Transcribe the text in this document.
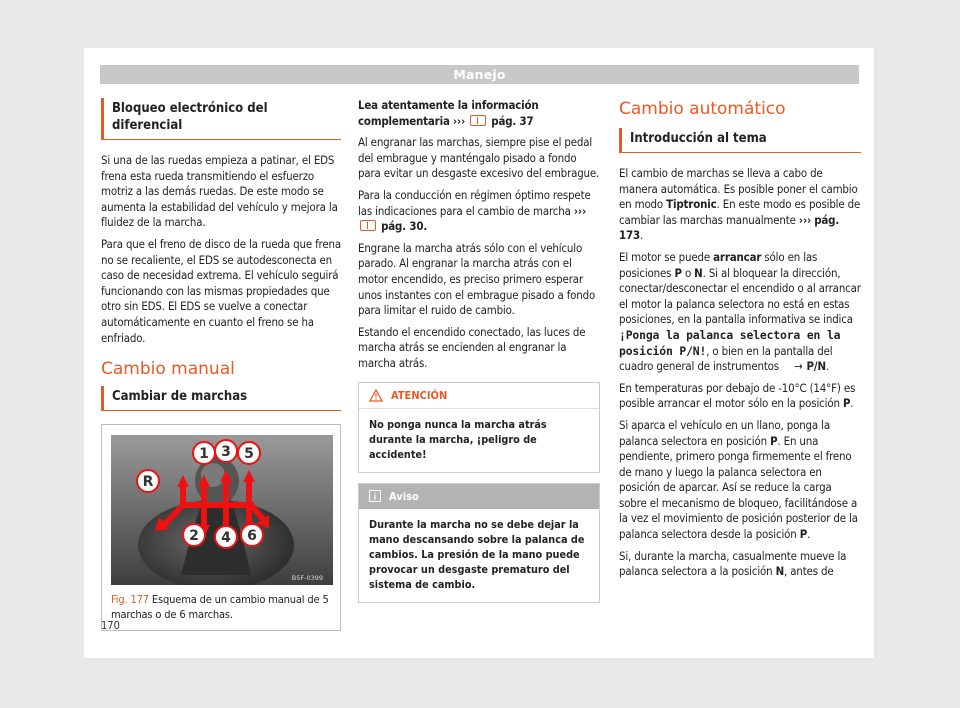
Manejo
Bloqueo electrónico del diferencial

Si una de las ruedas empieza a patinar, el EDS frena esta rueda transmitiendo el esfuerzo motriz a las demás ruedas. De este modo se aumenta la estabilidad del vehículo y mejora la fluidez de la marcha.

Para que el freno de disco de la rueda que frena no se recaliente, el EDS se autodesconecta en caso de necesidad extrema. El vehículo seguirá funcionando con las mismas propiedades que otro sin EDS. El EDS se vuelve a conectar automáticamente en cuanto el freno se ha enfriado.

Cambio manual
Cambiar de marchas
1 3 5
R
2 4 6
B5F-0399

Fig. 177 Esquema de un cambio manual de 5 marchas o de 6 marchas.

Lea atentamente la información complementaria ››› pág. 37

Al engranar las marchas, siempre pise el pedal del embrague y manténgalo pisado a fondo para evitar un desgaste excesivo del embrague.

Para la conducción en régimen óptimo respete las indicaciones para el cambio de marcha ›››  pág. 30.

Engrane la marcha atrás sólo con el vehículo parado. Al engranar la marcha atrás con el motor encendido, es preciso primero esperar unos instantes con el embrague pisado a fondo para limitar el ruido de cambio.

Estando el encendido conectado, las luces de marcha atrás se encienden al engranar la marcha atrás.

ATENCIÓN
No ponga nunca la marcha atrás durante la marcha, ¡peligro de accidente!
Aviso
Durante la marcha no se debe dejar la mano descansando sobre la palanca de cambios. La presión de la mano puede provocar un desgaste prematuro del sistema de cambio.
Cambio automático
Introducción al tema

El cambio de marchas se lleva a cabo de manera automática. Es posible poner el cambio en modo Tiptronic. En este modo es posible de cambiar las marchas manualmente ››› pág. 173.

El motor se puede arrancar sólo en las posiciones P o N. Si al bloquear la dirección, conectar/desconectar el encendido o al arrancar el motor la palanca selectora no está en estas posiciones, en la pantalla informativa se indica ¡Ponga la palanca selectora en la posición P/N!, o bien en la pantalla del cuadro general de instrumentos → P/N.

En temperaturas por debajo de -10°C (14°F) es posible arrancar el motor sólo en la posición P.

Si aparca el vehículo en un llano, ponga la palanca selectora en posición P. En una pendiente, primero ponga firmemente el freno de mano y luego la palanca selectora en posición de aparcar. Así se reduce la carga sobre el mecanismo de bloqueo, facilitándose a la vez el movimiento de posición posterior de la palanca selectora desde la posición P.

Si, durante la marcha, casualmente mueve la palanca selectora a la posición N, antes de

170
